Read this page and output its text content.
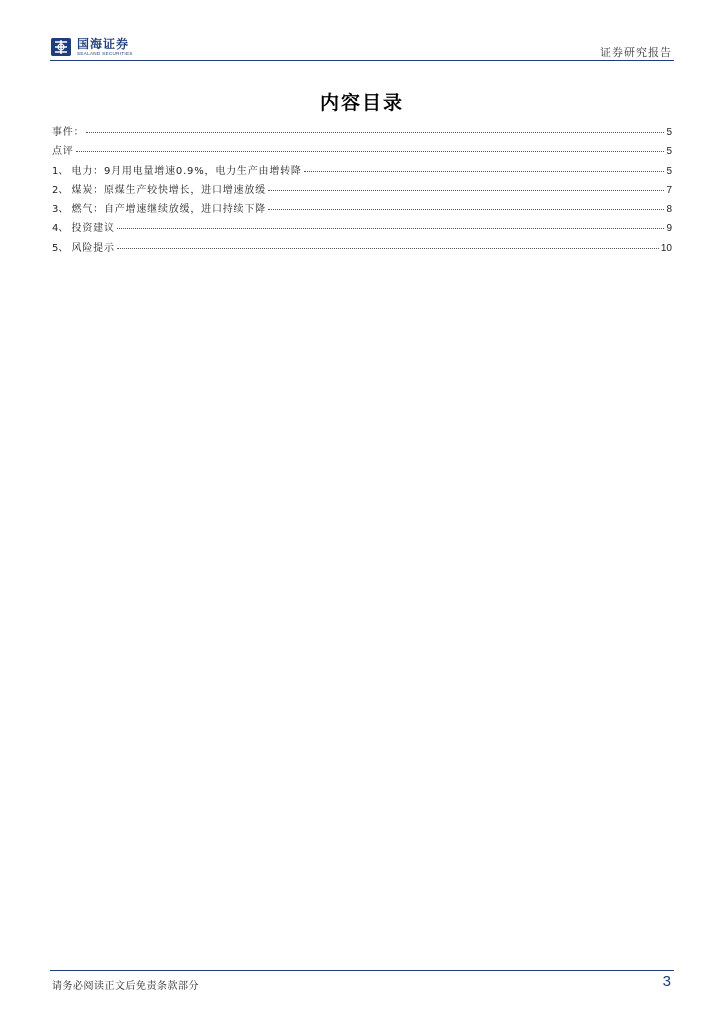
国海证券
SEALAND SECURITIES	证券研究报告
内容目录
事件：	5
点评	5
1、 电力：9月用电量增速0.9%，电力生产由增转降	5
2、 煤炭：原煤生产较快增长，进口增速放缓	7
3、 燃气：自产增速继续放缓，进口持续下降	8
4、 投资建议	9
5、 风险提示	10
请务必阅读正文后免责条款部分	3
